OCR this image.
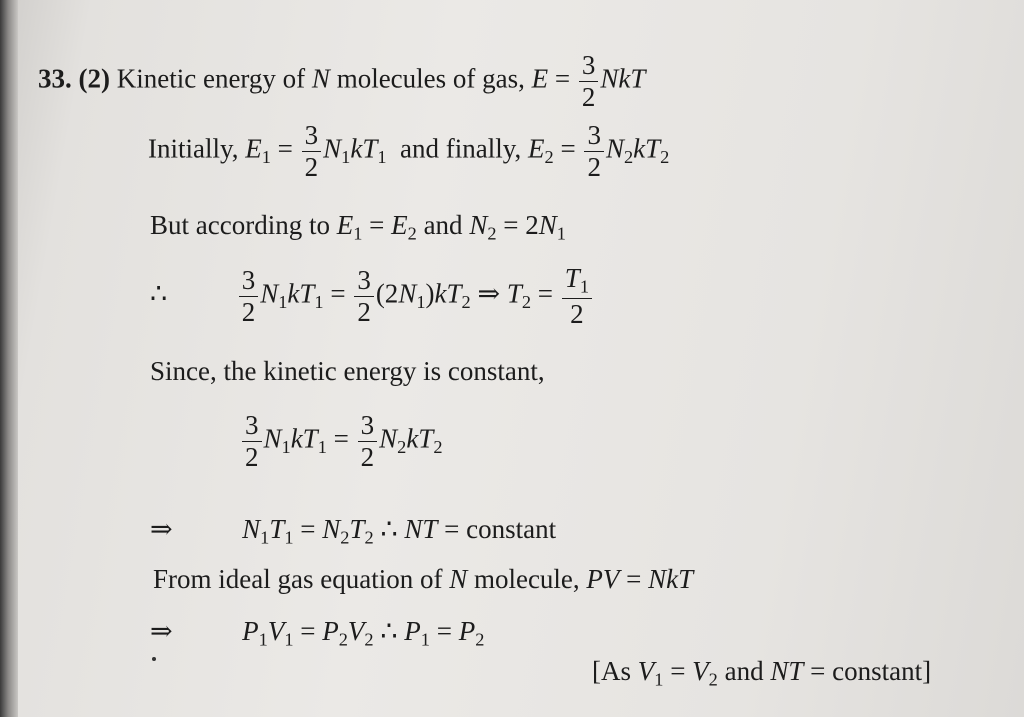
33. (2) Kinetic energy of N molecules of gas, $E = \frac{3}{2}$ NkT
Initially, $E_1 = \frac{3}{2} N_1kT_1$ and finally, $E_2 = \frac{3}{2} N_2kT_2$
But according to $E_1 = E_2$ and $N_2 = 2N_1$
∴	$\frac{3}{2} N_1kT_1 = \frac{3}{2} (2N_1)kT_2$ ⇒ $T_2 = \frac{T_1}{2}$
Since, the kinetic energy is constant,
$\frac{3}{2} N_1kT_1 = \frac{3}{2} N_2kT_2$
⇒	$N_1T_1 = N_2T_2$ ∴ NT = constant
From ideal gas equation of N molecule, PV = NkT
⇒	$P_1V_1 = P_2V_2$ ∴ $P_1 = P_2$
[As $V_1 = V_2$ and NT = constant]
